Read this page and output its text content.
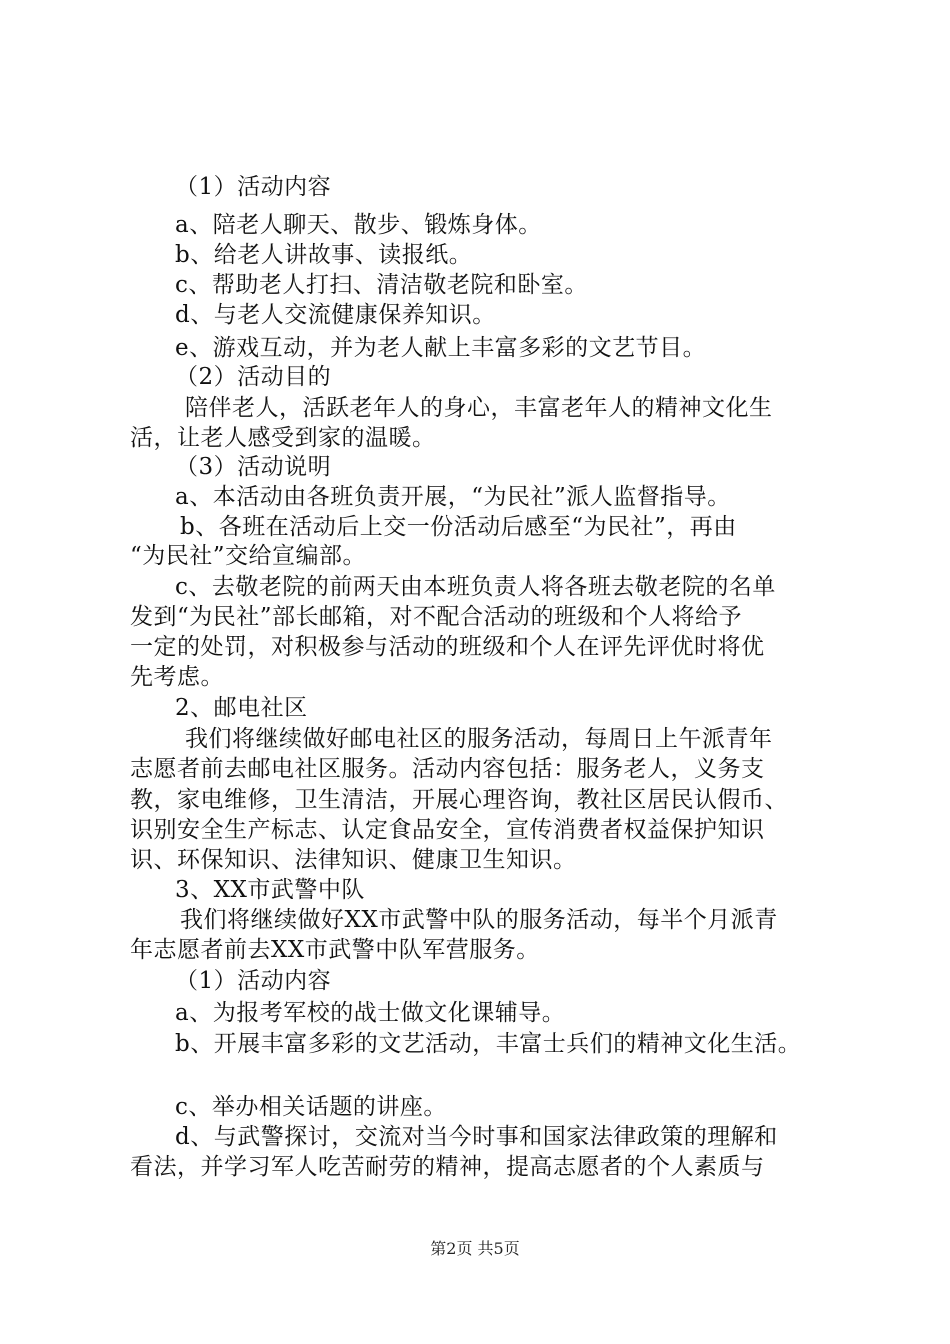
（1）活动内容
a、陪老人聊天、散步、锻炼身体。
b、给老人讲故事、读报纸。
c、帮助老人打扫、清洁敬老院和卧室。
d、与老人交流健康保养知识。
e、游戏互动，并为老人献上丰富多彩的文艺节目。
（2）活动目的
陪伴老人，活跃老年人的身心，丰富老年人的精神文化生
活，让老人感受到家的温暖。
（3）活动说明
a、本活动由各班负责开展，“为民社”派人监督指导。
b、各班在活动后上交一份活动后感至“为民社”，再由
“为民社”交给宣编部。
c、去敬老院的前两天由本班负责人将各班去敬老院的名单
发到“为民社”部长邮箱，对不配合活动的班级和个人将给予
一定的处罚，对积极参与活动的班级和个人在评先评优时将优
先考虑。
2、邮电社区
我们将继续做好邮电社区的服务活动，每周日上午派青年
志愿者前去邮电社区服务。活动内容包括：服务老人，义务支
教，家电维修，卫生清洁，开展心理咨询，教社区居民认假币、
识别安全生产标志、认定食品安全，宣传消费者权益保护知识
识、环保知识、法律知识、健康卫生知识。
3、XX市武警中队
我们将继续做好XX市武警中队的服务活动，每半个月派青
年志愿者前去XX市武警中队军营服务。
（1）活动内容
a、为报考军校的战士做文化课辅导。
b、开展丰富多彩的文艺活动，丰富士兵们的精神文化生活。
c、举办相关话题的讲座。
d、与武警探讨，交流对当今时事和国家法律政策的理解和
看法，并学习军人吃苦耐劳的精神，提高志愿者的个人素质与
第2页 共5页
